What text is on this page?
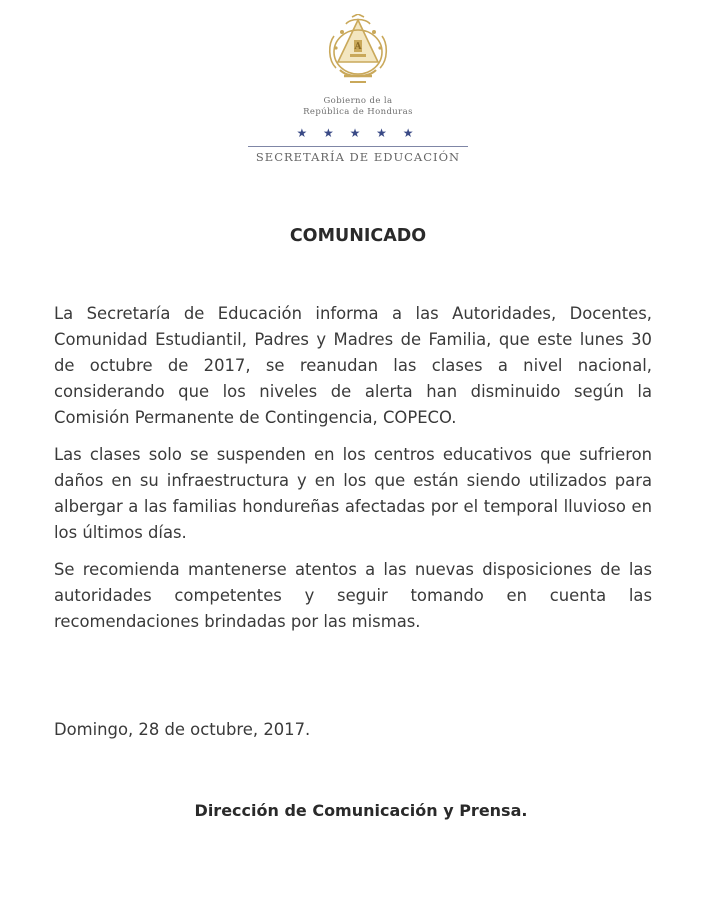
A
Gobierno de la
República de Honduras
★ ★ ★ ★ ★
SECRETARÍA DE EDUCACIÓN
COMUNICADO

La Secretaría de Educación informa a las Autoridades, Docentes, Comunidad Estudiantil, Padres y Madres de Familia, que este lunes 30 de octubre de 2017, se reanudan las clases a nivel nacional, considerando que los niveles de alerta han disminuido según la Comisión Permanente de Contingencia, COPECO.

Las clases solo se suspenden en los centros educativos que sufrieron daños en su infraestructura y en los que están siendo utilizados para albergar a las familias hondureñas afectadas por el temporal lluvioso en los últimos días.

Se recomienda mantenerse atentos a las nuevas disposiciones de las autoridades competentes y seguir tomando en cuenta las recomendaciones brindadas por las mismas.

Domingo, 28 de octubre, 2017.
Dirección de Comunicación y Prensa.
